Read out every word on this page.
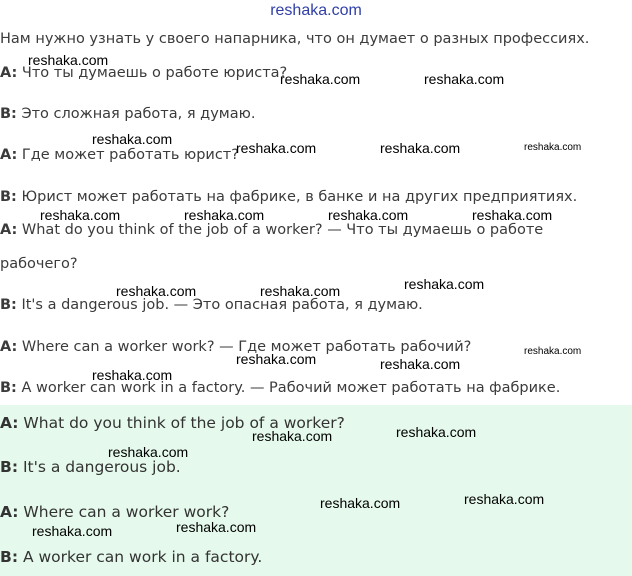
reshaka.com
Нам нужно узнать у своего напарника, что он думает о разных профессиях.
A: Что ты думаешь о работе юриста?
B: Это сложная работа, я думаю.
A: Где может работать юрист?
B: Юрист может работать на фабрике, в банке и на других предприятиях.
A: What do you think of the job of a worker? — Что ты думаешь о работе
рабочего?
B: It's a dangerous job. — Это опасная работа, я думаю.
A: Where can a worker work? — Где может работать рабочий?
B: A worker can work in a factory. — Рабочий может работать на фабрике.
A: What do you think of the job of a worker?
B: It's a dangerous job.
A: Where can a worker work?
B: A worker can work in a factory.
reshaka.com
reshaka.com	reshaka.com
reshaka.com
reshaka.com	reshaka.com	reshaka.com
reshaka.com	reshaka.com	reshaka.com	reshaka.com
reshaka.com
reshaka.com	reshaka.com
reshaka.com	reshaka.com
reshaka.com
reshaka.com
reshaka.com	reshaka.com
reshaka.com
reshaka.com
reshaka.com
reshaka.com	reshaka.com
